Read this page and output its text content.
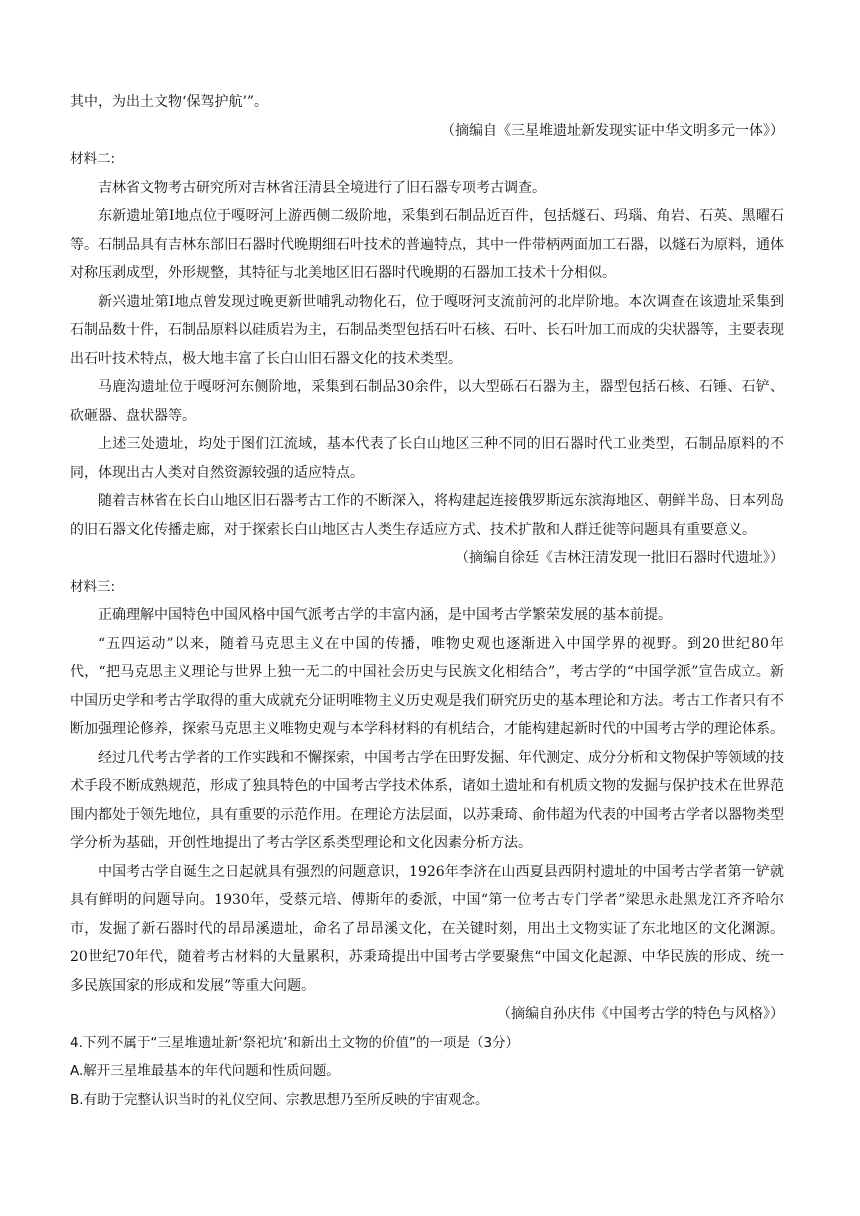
其中，为出土文物‘保驾护航’”。

（摘编自《三星堆遗址新发现实证中华文明多元一体》）

材料二:

吉林省文物考古研究所对吉林省汪清县全境进行了旧石器专项考古调查。

东新遗址第Ⅰ地点位于嘎呀河上游西侧二级阶地，采集到石制品近百件，包括燧石、玛瑙、角岩、石英、黑曜石等。石制品具有吉林东部旧石器时代晚期细石叶技术的普遍特点，其中一件带柄两面加工石器，以燧石为原料，通体对称压剥成型，外形规整，其特征与北美地区旧石器时代晚期的石器加工技术十分相似。

新兴遗址第Ⅰ地点曾发现过晚更新世哺乳动物化石，位于嘎呀河支流前河的北岸阶地。本次调查在该遗址采集到石制品数十件，石制品原料以硅质岩为主，石制品类型包括石叶石核、石叶、长石叶加工而成的尖状器等，主要表现出石叶技术特点，极大地丰富了长白山旧石器文化的技术类型。

马鹿沟遗址位于嘎呀河东侧阶地，采集到石制品30余件，以大型砾石石器为主，器型包括石核、石锤、石铲、砍砸器、盘状器等。

上述三处遗址，均处于图们江流域，基本代表了长白山地区三种不同的旧石器时代工业类型，石制品原料的不同，体现出古人类对自然资源较强的适应特点。

随着吉林省在长白山地区旧石器考古工作的不断深入，将构建起连接俄罗斯远东滨海地区、朝鲜半岛、日本列岛的旧石器文化传播走廊，对于探索长白山地区古人类生存适应方式、技术扩散和人群迁徙等问题具有重要意义。

（摘编自徐廷《吉林汪清发现一批旧石器时代遗址》）

材料三:

正确理解中国特色中国风格中国气派考古学的丰富内涵，是中国考古学繁荣发展的基本前提。

“五四运动”以来，随着马克思主义在中国的传播，唯物史观也逐渐进入中国学界的视野。到20世纪80年代，“把马克思主义理论与世界上独一无二的中国社会历史与民族文化相结合”，考古学的“中国学派”宣告成立。新中国历史学和考古学取得的重大成就充分证明唯物主义历史观是我们研究历史的基本理论和方法。考古工作者只有不断加强理论修养，探索马克思主义唯物史观与本学科材料的有机结合，才能构建起新时代的中国考古学的理论体系。

经过几代考古学者的工作实践和不懈探索，中国考古学在田野发掘、年代测定、成分分析和文物保护等领域的技术手段不断成熟规范，形成了独具特色的中国考古学技术体系，诸如土遗址和有机质文物的发掘与保护技术在世界范围内都处于领先地位，具有重要的示范作用。在理论方法层面，以苏秉琦、俞伟超为代表的中国考古学者以器物类型学分析为基础，开创性地提出了考古学区系类型理论和文化因素分析方法。

中国考古学自诞生之日起就具有强烈的问题意识，1926年李济在山西夏县西阴村遗址的中国考古学者第一铲就具有鲜明的问题导向。1930年，受蔡元培、傅斯年的委派，中国“第一位考古专门学者”梁思永赴黑龙江齐齐哈尔市，发掘了新石器时代的昂昂溪遗址，命名了昂昂溪文化，在关键时刻，用出土文物实证了东北地区的文化渊源。20世纪70年代，随着考古材料的大量累积，苏秉琦提出中国考古学要聚焦“中国文化起源、中华民族的形成、统一多民族国家的形成和发展”等重大问题。

（摘编自孙庆伟《中国考古学的特色与风格》）

4.下列不属于“三星堆遗址新‘祭祀坑’和新出土文物的价值”的一项是（3分）

A.解开三星堆最基本的年代问题和性质问题。

B.有助于完整认识当时的礼仪空间、宗教思想乃至所反映的宇宙观念。
